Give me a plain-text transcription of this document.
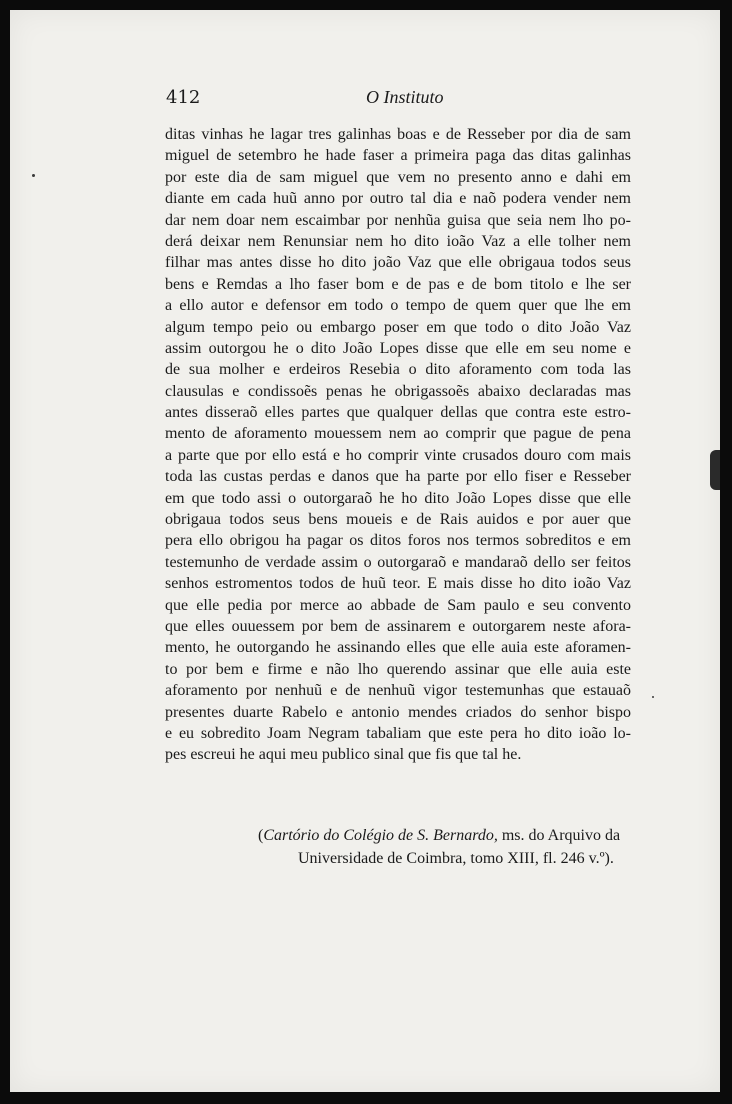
412	O Instituto
ditas vinhas he lagar tres galinhas boas e de Resseber por dia de sam
miguel de setembro he hade faser a primeira paga das ditas galinhas
por este dia de sam miguel que vem no presento anno e dahi em
diante em cada huũ anno por outro tal dia e naõ podera vender nem
dar nem doar nem escaimbar por nenhũa guisa que seia nem lho po-
derá deixar nem Renunsiar nem ho dito ioão Vaz a elle tolher nem
filhar mas antes disse ho dito joão Vaz que elle obrigaua todos seus
bens e Remdas a lho faser bom e de pas e de bom titolo e lhe ser
a ello autor e defensor em todo o tempo de quem quer que lhe em
algum tempo peio ou embargo poser em que todo o dito João Vaz
assim outorgou he o dito João Lopes disse que elle em seu nome e
de sua molher e erdeiros Resebia o dito aforamento com toda las
clausulas e condissoẽs penas he obrigassoẽs abaixo declaradas mas
antes disseraõ elles partes que qualquer dellas que contra este estro-
mento de aforamento mouessem nem ao comprir que pague de pena
a parte que por ello está e ho comprir vinte crusados douro com mais
toda las custas perdas e danos que ha parte por ello fiser e Resseber
em que todo assi o outorgaraõ he ho dito João Lopes disse que elle
obrigaua todos seus bens moueis e de Rais auidos e por auer que
pera ello obrigou ha pagar os ditos foros nos termos sobreditos e em
testemunho de verdade assim o outorgaraõ e mandaraõ dello ser feitos
senhos estromentos todos de huũ teor. E mais disse ho dito ioão Vaz
que elle pedia por merce ao abbade de Sam paulo e seu convento
que elles ouuessem por bem de assinarem e outorgarem neste afora-
mento, he outorgando he assinando elles que elle auia este aforamen-
to por bem e firme e não lho querendo assinar que elle auia este
aforamento por nenhuũ e de nenhuũ vigor testemunhas que estauaõ
presentes duarte Rabelo e antonio mendes criados do senhor bispo
e eu sobredito Joam Negram tabaliam que este pera ho dito ioão lo-
pes escreui he aqui meu publico sinal que fis que tal he.
(Cartório do Colégio de S. Bernardo, ms. do Arquivo da
Universidade de Coimbra, tomo XIII, fl. 246 v.º).
